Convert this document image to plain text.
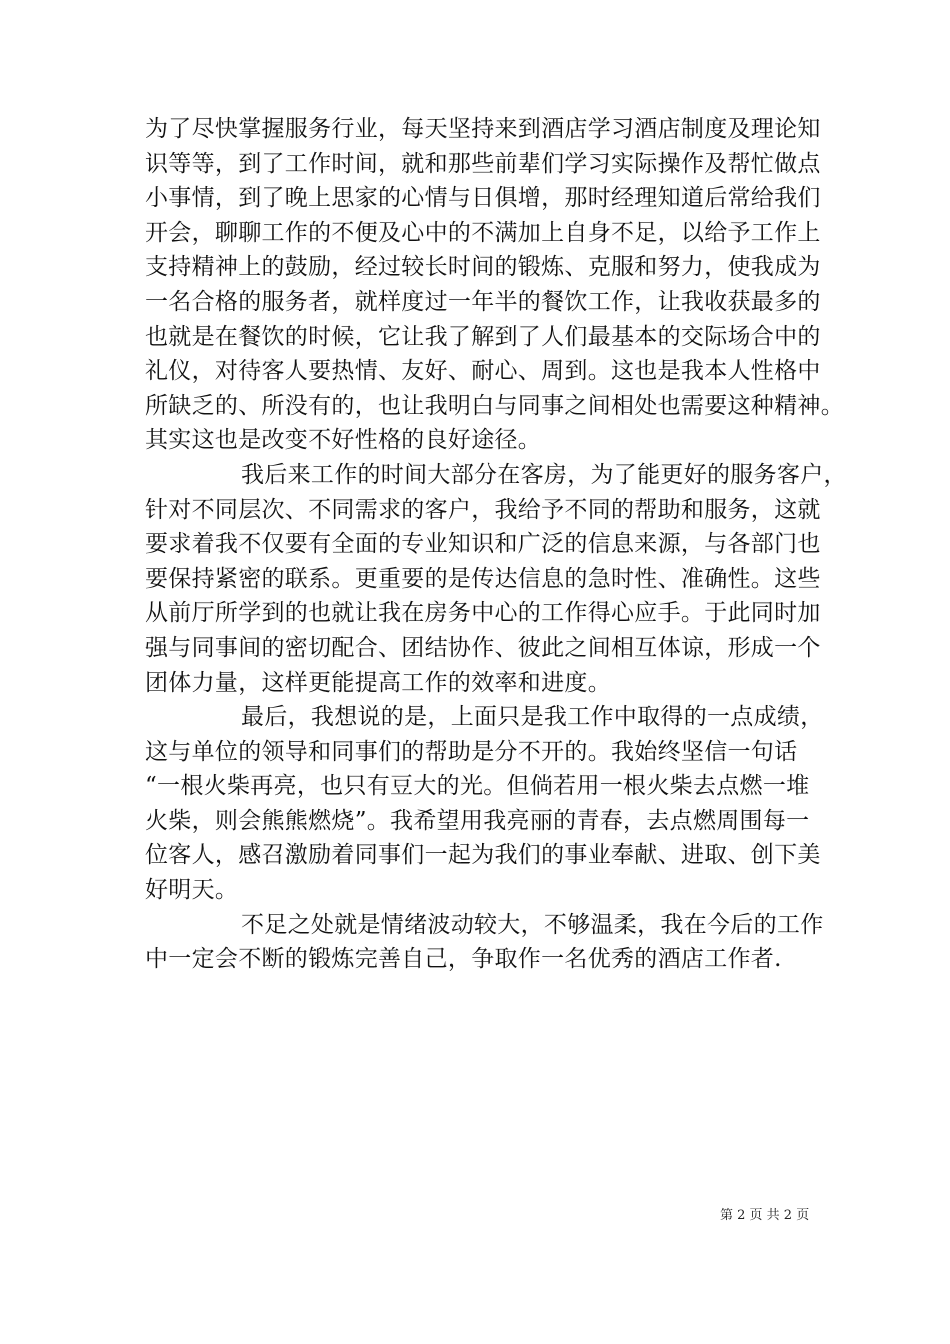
为了尽快掌握服务行业，每天坚持来到酒店学习酒店制度及理论知
识等等，到了工作时间，就和那些前辈们学习实际操作及帮忙做点
小事情，到了晚上思家的心情与日俱增，那时经理知道后常给我们
开会，聊聊工作的不便及心中的不满加上自身不足，以给予工作上
支持精神上的鼓励，经过较长时间的锻炼、克服和努力，使我成为
一名合格的服务者，就样度过一年半的餐饮工作，让我收获最多的
也就是在餐饮的时候，它让我了解到了人们最基本的交际场合中的
礼仪，对待客人要热情、友好、耐心、周到。这也是我本人性格中
所缺乏的、所没有的，也让我明白与同事之间相处也需要这种精神。
其实这也是改变不好性格的良好途径。
我后来工作的时间大部分在客房，为了能更好的服务客户，
针对不同层次、不同需求的客户，我给予不同的帮助和服务，这就
要求着我不仅要有全面的专业知识和广泛的信息来源，与各部门也
要保持紧密的联系。更重要的是传达信息的急时性、准确性。这些
从前厅所学到的也就让我在房务中心的工作得心应手。于此同时加
强与同事间的密切配合、团结协作、彼此之间相互体谅，形成一个
团体力量，这样更能提高工作的效率和进度。
最后，我想说的是，上面只是我工作中取得的一点成绩，
这与单位的领导和同事们的帮助是分不开的。我始终坚信一句话
“一根火柴再亮，也只有豆大的光。但倘若用一根火柴去点燃一堆
火柴，则会熊熊燃烧”。我希望用我亮丽的青春，去点燃周围每一
位客人，感召激励着同事们一起为我们的事业奉献、进取、创下美
好明天。
不足之处就是情绪波动较大，不够温柔，我在今后的工作
中一定会不断的锻炼完善自己，争取作一名优秀的酒店工作者.
第 2 页 共 2 页
